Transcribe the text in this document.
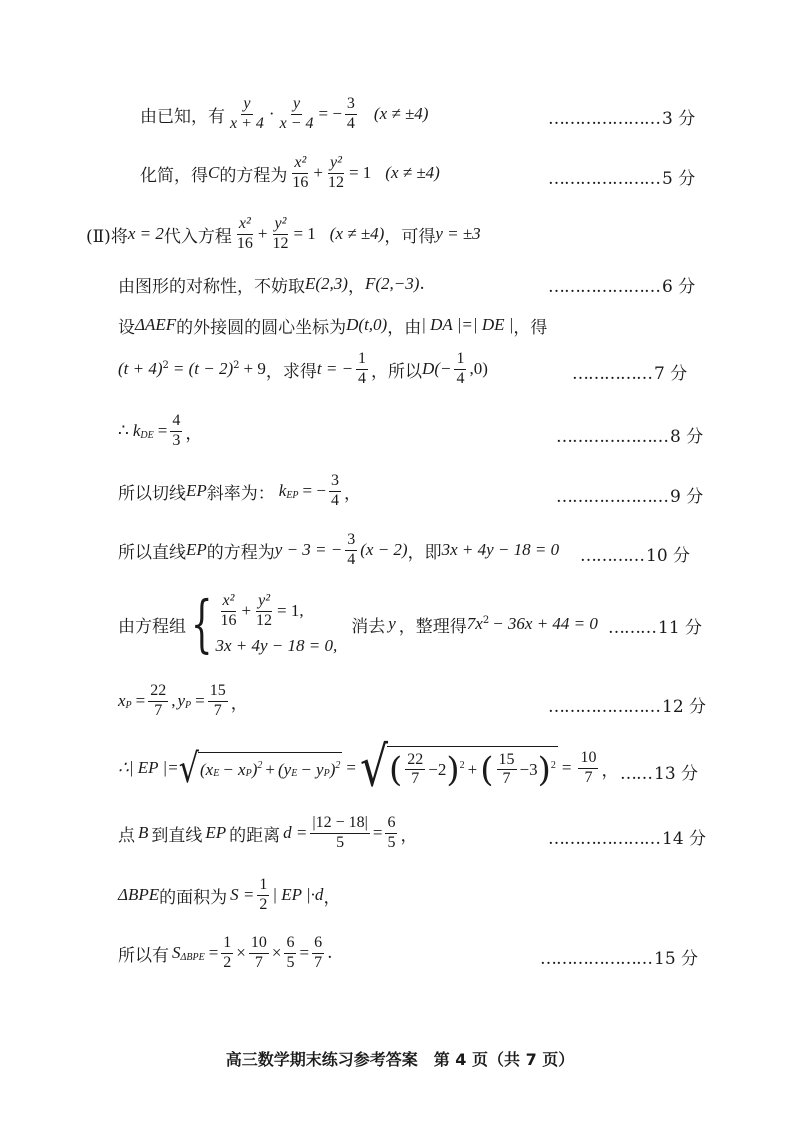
由已知，有 $\frac{y}{x + 4} \cdot \frac{y}{x - 4}$ = − $\frac{3}{4} (x \ne \pm 4)$	………………… 3 分
化简，得 C 的方程为 $\frac{\text{x²}}{16} + \frac{\text{y²}}{12} = 1$ (x ≠ ±4)	………………… 5 分
(Ⅱ)将 x = 2 代入方程 $\frac{\text{x²}}{16} + \frac{\text{y²}}{12} = 1$ (x ≠ ±4) ，可得 y = ±3
由图形的对称性，不妨取 E(2,3) ， F(2,−3) .	………………… 6 分
设 ΔAEF 的外接圆的圆心坐标为 D(t,0) ，由 | DA |=| DE | ，得
$(t + 4)^2 = (t - 2)^2 + 9$ ，求得 t = − $\frac{1}{4}$ ，所以 $D(- \frac{1}{4} ,0)$	…………… 7 分
∴ $k_{DE} = \frac{4}{3}$ ，	………………… 8 分
所以切线 EP 斜率为： $k_{EP}$ = − $\frac{3}{4}$ ，	………………… 9 分
所以直线 EP 的方程为 y − 3 = − $\frac{3}{4} (x - 2)$ ，即 3x + 4y − 18 = 0 ………… 10 分
由方程组 { $\frac{\text{x²}}{16} + \frac{\text{y²}}{12} = 1$,
3x + 4y − 18 = 0,
消去 y ，整理得 $7x^2 - 36x + 44 = 0$ ……… 11 分
$x_P = \frac{22}{7}$ , $y_P = \frac{15}{7}$ ，	………………… 12 分
∴| EP |= √ ($x_E - x_P$ )$^2 + (y_E - y_P$ )$^2$ = √ ( $\frac{22}{7} -2$ )$^2$ + ( $\frac{15}{7} -3$ )$^2 = \frac{10}{7}$ ， …… 13 分
点 B 到直线 EP 的距离 $d = \frac{|12 - 18|}{5} = \frac{6}{5}$ ，	………………… 14 分
ΔBPE 的面积为 $S = \frac{1}{2}$ | EP |·d ，
所以有 $S_{\Delta BPE} = \frac{1}{2} \times \frac{10}{7} \times \frac{6}{5} = \frac{6}{7}$ .	………………… 15 分
高三数学期末练习参考答案　第 4 页（共 7 页）
